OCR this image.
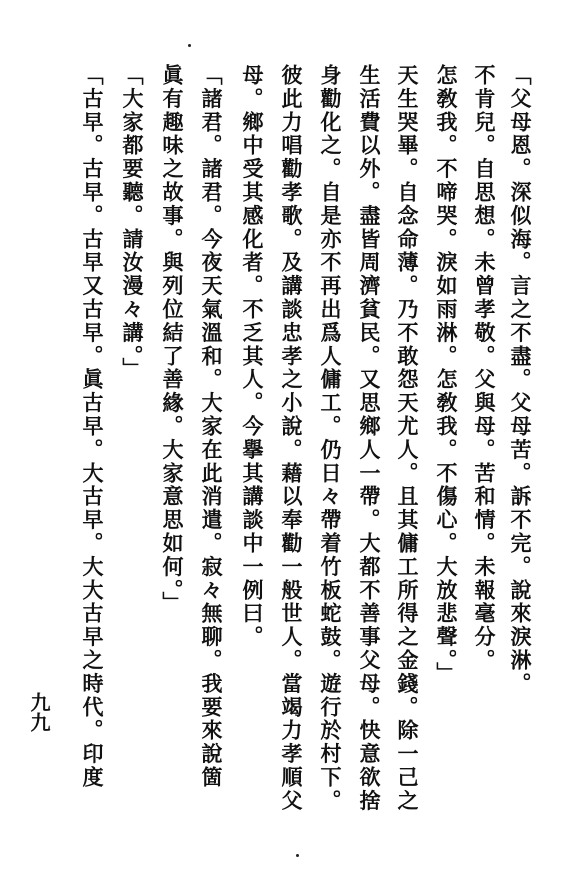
「父母恩。深似海。言之不盡。父母苦。訴不完。說來淚淋。
不肯兒。自思想。未曾孝敬。父與母。苦和情。未報毫分。
怎敎我。不啼哭。淚如雨淋。怎敎我。不傷心。大放悲聲。」
天生哭畢。自念命薄。乃不敢怨天尤人。且其傭工所得之金錢。除一己之
生活費以外。盡皆周濟貧民。又思鄉人一帶。大都不善事父母。快意欲捨
身勸化之。自是亦不再出爲人傭工。仍日々帶着竹板蛇鼓。遊行於村下。
彼此力唱勸孝歌。及講談忠孝之小說。藉以奉勸一般世人。當竭力孝順父
母。鄉中受其感化者。不乏其人。今擧其講談中一例曰。
「諸君。諸君。今夜天氣溫和。大家在此消遣。寂々無聊。我要來說箇
眞有趣味之故事。與列位結了善緣。大家意思如何。」
「大家都要聽。請汝漫々講。」
「古早。古早。古早又古早。眞古早。大古早。大大古早之時代。印度
九九
